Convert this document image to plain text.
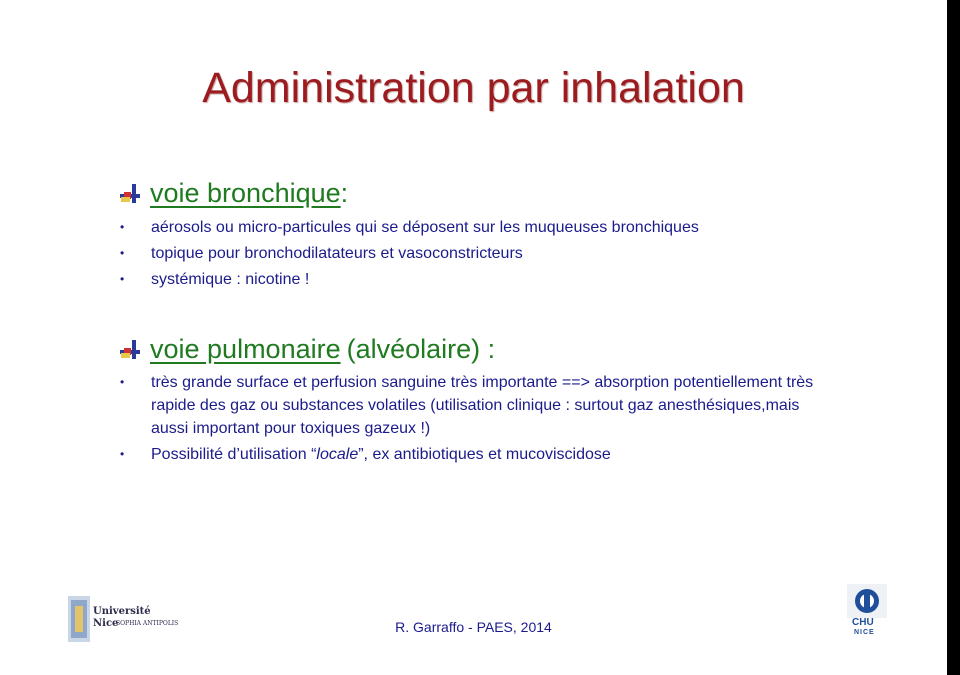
Administration par inhalation
voie bronchique :
• aérosols ou micro-particules qui se déposent sur les muqueuses bronchiques
• topique pour bronchodilatateurs et vasoconstricteurs
• systémique : nicotine !
voie pulmonaire (alvéolaire) :
• très grande surface et perfusion sanguine très importante ==> absorption potentiellement très rapide des gaz ou substances volatiles (utilisation clinique : surtout gaz anesthésiques,mais aussi important pour toxiques gazeux !)
• Possibilité d’utilisation “locale”, ex antibiotiques et mucoviscidose
Université
Nice
SOPHIA ANTIPOLIS	R. Garraffo - PAES, 2014	CHU
NICE
